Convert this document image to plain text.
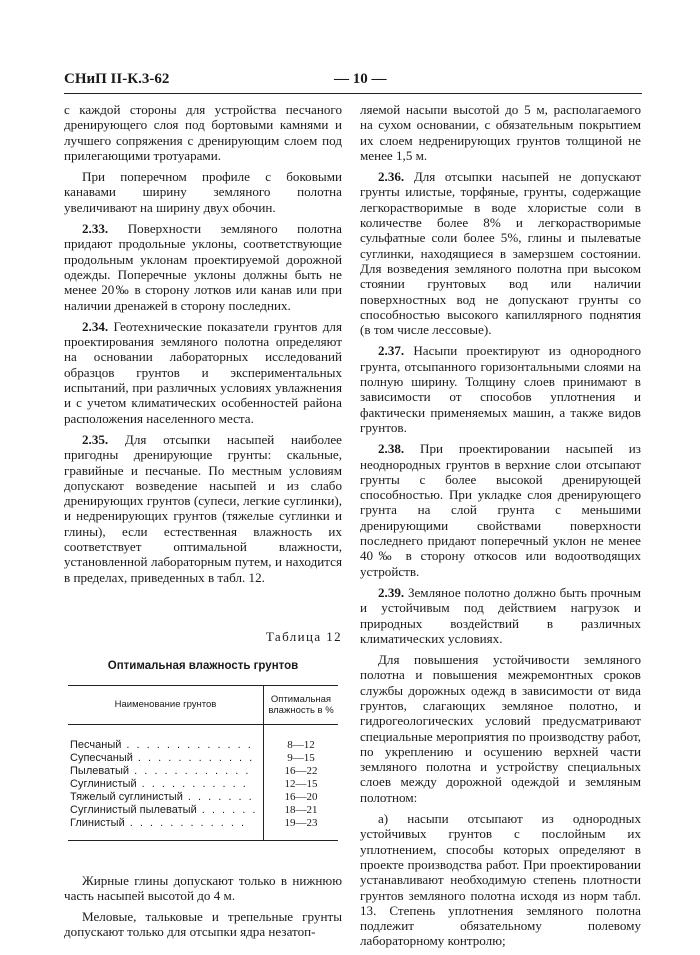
СНиП II-К.3-62	— 10 —

с каждой стороны для устройства песчаного дренирующего слоя под бортовыми камнями и лучшего сопряжения с дренирующим слоем под прилегающими тротуарами.

При поперечном профиле с боковыми канавами ширину земляного полотна увеличивают на ширину двух обочин.

2.33. Поверхности земляного полотна придают продольные уклоны, соответствующие продольным уклонам проектируемой дорожной одежды. Поперечные уклоны должны быть не менее 20‰ в сторону лотков или канав или при наличии дренажей в сторону последних.

2.34. Геотехнические показатели грунтов для проектирования земляного полотна определяют на основании лабораторных исследований образцов грунтов и экспериментальных испытаний, при различных условиях увлажнения и с учетом климатических особенностей района расположения населенного места.

2.35. Для отсыпки насыпей наиболее пригодны дренирующие грунты: скальные, гравийные и песчаные. По местным условиям допускают возведение насыпей и из слабо дренирующих грунтов (супеси, легкие суглинки), и недренирующих грунтов (тяжелые суглинки и глины), если естественная влажность их соответствует оптимальной влажности, установленной лабораторным путем, и находится в пределах, приведенных в табл. 12.

Таблица 12
Оптимальная влажность грунтов
Наименование грунтов	Оптимальная влажность в %
Песчаный . . . . . . . . . . . . .	8—12
Супесчаный . . . . . . . . . . . .	9—15
Пылеватый . . . . . . . . . . . .	16—22
Суглинистый . . . . . . . . . . .	12—15
Тяжелый суглинистый . . . . . . .	16—20
Суглинистый пылеватый . . . . . .	18—21
Глинистый . . . . . . . . . . . .	19—23

Жирные глины допускают только в нижнюю часть насыпей высотой до 4 м.

Меловые, тальковые и трепельные грунты допускают только для отсыпки ядра незатоп-

ляемой насыпи высотой до 5 м, располагаемого на сухом основании, с обязательным покрытием их слоем недренирующих грунтов толщиной не менее 1,5 м.

2.36. Для отсыпки насыпей не допускают грунты илистые, торфяные, грунты, содержащие легкорастворимые в воде хлористые соли в количестве более 8% и легкорастворимые сульфатные соли более 5%, глины и пылеватые суглинки, находящиеся в замерзшем состоянии. Для возведения земляного полотна при высоком стоянии грунтовых вод или наличии поверхностных вод не допускают грунты со способностью высокого капиллярного поднятия (в том числе лессовые).

2.37. Насыпи проектируют из однородного грунта, отсыпанного горизонтальными слоями на полную ширину. Толщину слоев принимают в зависимости от способов уплотнения и фактически применяемых машин, а также видов грунтов.

2.38. При проектировании насыпей из неоднородных грунтов в верхние слои отсыпают грунты с более высокой дренирующей способностью. При укладке слоя дренирующего грунта на слой грунта с меньшими дренирующими свойствами поверхности последнего придают поперечный уклон не менее 40‰ в сторону откосов или водоотводящих устройств.

2.39. Земляное полотно должно быть прочным и устойчивым под действием нагрузок и природных воздействий в различных климатических условиях.

Для повышения устойчивости земляного полотна и повышения межремонтных сроков службы дорожных одежд в зависимости от вида грунтов, слагающих земляное полотно, и гидрогеологических условий предусматривают специальные мероприятия по производству работ, по укреплению и осушению верхней части земляного полотна и устройству специальных слоев между дорожной одеждой и земляным полотном:

а) насыпи отсыпают из однородных устойчивых грунтов с послойным их уплотнением, способы которых определяют в проекте производства работ. При проектировании устанавливают необходимую степень плотности грунтов земляного полотна исходя из норм табл. 13. Степень уплотнения земляного полотна подлежит обязательному полевому лабораторному контролю;
